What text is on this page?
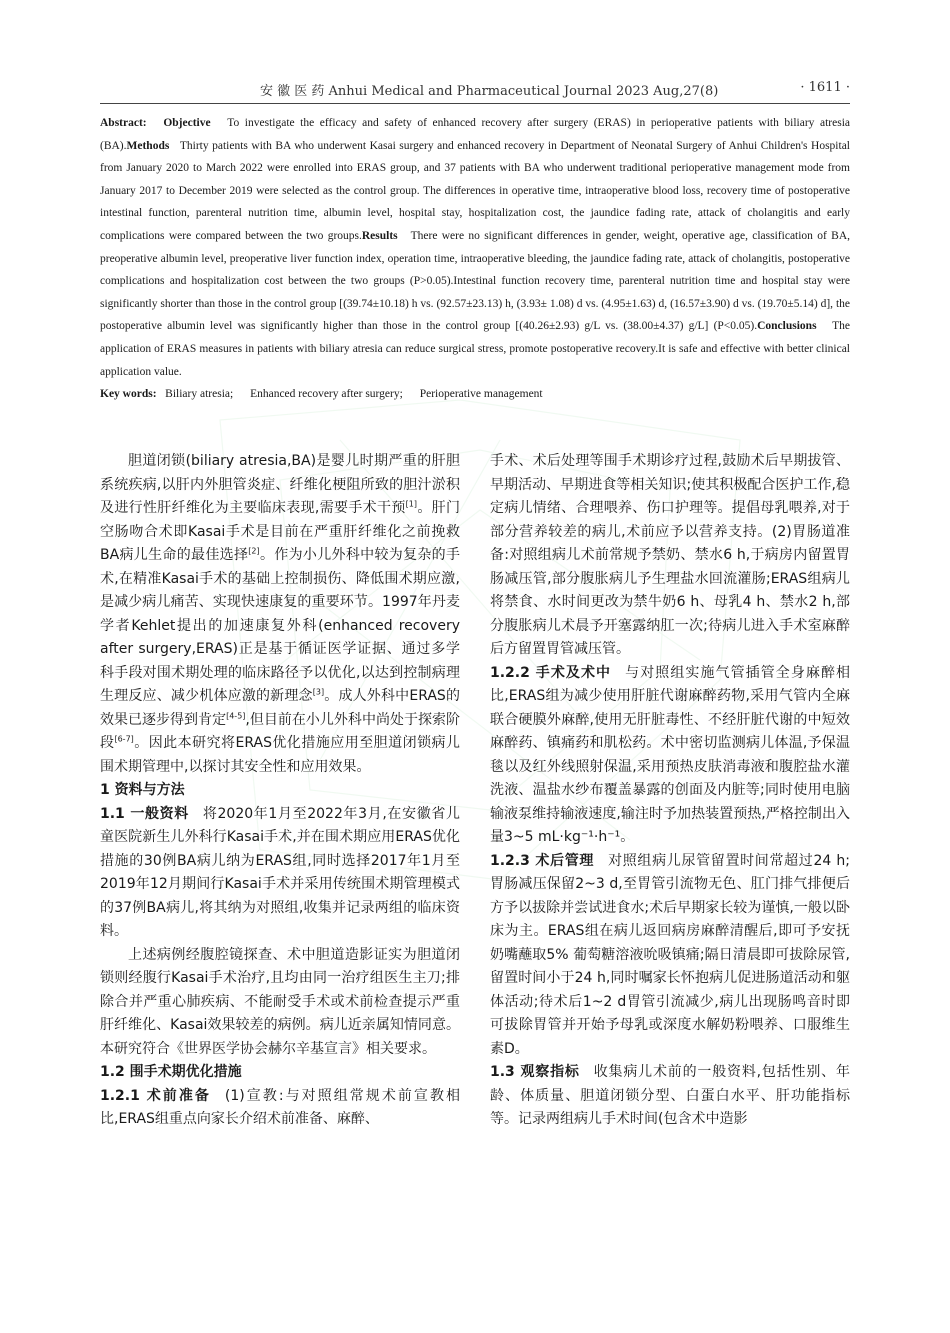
安 徽 医 药 Anhui Medical and Pharmaceutical Journal 2023 Aug,27(8)	· 1611 ·
Abstract: Objective To investigate the efficacy and safety of enhanced recovery after surgery (ERAS) in perioperative patients with biliary atresia (BA).Methods Thirty patients with BA who underwent Kasai surgery and enhanced recovery in Department of Neonatal Surgery of Anhui Children's Hospital from January 2020 to March 2022 were enrolled into ERAS group, and 37 patients with BA who underwent traditional perioperative management mode from January 2017 to December 2019 were selected as the control group. The differences in operative time, intraoperative blood loss, recovery time of postoperative intestinal function, parenteral nutrition time, albumin level, hospital stay, hospitalization cost, the jaundice fading rate, attack of cholangitis and early complications were compared between the two groups.Results There were no significant differences in gender, weight, operative age, classification of BA, preoperative albumin level, preoperative liver function index, operation time, intraoperative bleeding, the jaundice fading rate, attack of cholangitis, postoperative complications and hospitalization cost between the two groups (P>0.05).Intestinal function recovery time, parenteral nutrition time and hospital stay were significantly shorter than those in the control group [(39.74±10.18) h vs. (92.57±23.13) h, (3.93± 1.08) d vs. (4.95±1.63) d, (16.57±3.90) d vs. (19.70±5.14) d], the postoperative albumin level was significantly higher than those in the control group [(40.26±2.93) g/L vs. (38.00±4.37) g/L] (P<0.05).Conclusions The application of ERAS measures in patients with biliary atresia can reduce surgical stress, promote postoperative recovery.It is safe and effective with better clinical application value.
Key words: Biliary atresia; Enhanced recovery after surgery; Perioperative management

胆道闭锁(biliary atresia,BA)是婴儿时期严重的肝胆系统疾病,以肝内外胆管炎症、纤维化梗阻所致的胆汁淤积及进行性肝纤维化为主要临床表现,需要手术干预[1]。肝门空肠吻合术即Kasai手术是目前在严重肝纤维化之前挽救BA病儿生命的最佳选择[2]。作为小儿外科中较为复杂的手术,在精准Kasai手术的基础上控制损伤、降低围术期应激,是减少病儿痛苦、实现快速康复的重要环节。1997年丹麦学者Kehlet提出的加速康复外科(enhanced recovery after surgery,ERAS)正是基于循证医学证据、通过多学科手段对围术期处理的临床路径予以优化,以达到控制病理生理反应、减少机体应激的新理念[3]。成人外科中ERAS的效果已逐步得到肯定[4-5],但目前在小儿外科中尚处于探索阶段[6-7]。因此本研究将ERAS优化措施应用至胆道闭锁病儿围术期管理中,以探讨其安全性和应用效果。

1 资料与方法

1.1 一般资料 将2020年1月至2022年3月,在安徽省儿童医院新生儿外科行Kasai手术,并在围术期应用ERAS优化措施的30例BA病儿纳为ERAS组,同时选择2017年1月至2019年12月期间行Kasai手术并采用传统围术期管理模式的37例BA病儿,将其纳为对照组,收集并记录两组的临床资料。

上述病例经腹腔镜探查、术中胆道造影证实为胆道闭锁则经腹行Kasai手术治疗,且均由同一治疗组医生主刀;排除合并严重心肺疾病、不能耐受手术或术前检查提示严重肝纤维化、Kasai效果较差的病例。病儿近亲属知情同意。本研究符合《世界医学协会赫尔辛基宣言》相关要求。

1.2 围手术期优化措施

1.2.1 术前准备 (1)宣教:与对照组常规术前宣教相比,ERAS组重点向家长介绍术前准备、麻醉、

手术、术后处理等围手术期诊疗过程,鼓励术后早期拔管、早期活动、早期进食等相关知识;使其积极配合医护工作,稳定病儿情绪、合理喂养、伤口护理等。提倡母乳喂养,对于部分营养较差的病儿,术前应予以营养支持。(2)胃肠道准备:对照组病儿术前常规予禁奶、禁水6 h,于病房内留置胃肠减压管,部分腹胀病儿予生理盐水回流灌肠;ERAS组病儿将禁食、水时间更改为禁牛奶6 h、母乳4 h、禁水2 h,部分腹胀病儿术晨予开塞露纳肛一次;待病儿进入手术室麻醉后方留置胃管减压管。

1.2.2 手术及术中 与对照组实施气管插管全身麻醉相比,ERAS组为减少使用肝脏代谢麻醉药物,采用气管内全麻联合硬膜外麻醉,使用无肝脏毒性、不经肝脏代谢的中短效麻醉药、镇痛药和肌松药。术中密切监测病儿体温,予保温毯以及红外线照射保温,采用预热皮肤消毒液和腹腔盐水灌洗液、温盐水纱布覆盖暴露的创面及内脏等;同时使用电脑输液泵维持输液速度,输注时予加热装置预热,严格控制出入量3~5 mL·kg⁻¹·h⁻¹。

1.2.3 术后管理 对照组病儿尿管留置时间常超过24 h;胃肠减压保留2~3 d,至胃管引流物无色、肛门排气排便后方予以拔除并尝试进食水;术后早期家长较为谨慎,一般以卧床为主。ERAS组在病儿返回病房麻醉清醒后,即可予安抚奶嘴蘸取5% 葡萄糖溶液吮吸镇痛;隔日清晨即可拔除尿管,留置时间小于24 h,同时嘱家长怀抱病儿促进肠道活动和躯体活动;待术后1~2 d胃管引流减少,病儿出现肠鸣音时即可拔除胃管并开始予母乳或深度水解奶粉喂养、口服维生素D。

1.3 观察指标 收集病儿术前的一般资料,包括性别、年龄、体质量、胆道闭锁分型、白蛋白水平、肝功能指标等。记录两组病儿手术时间(包含术中造影
